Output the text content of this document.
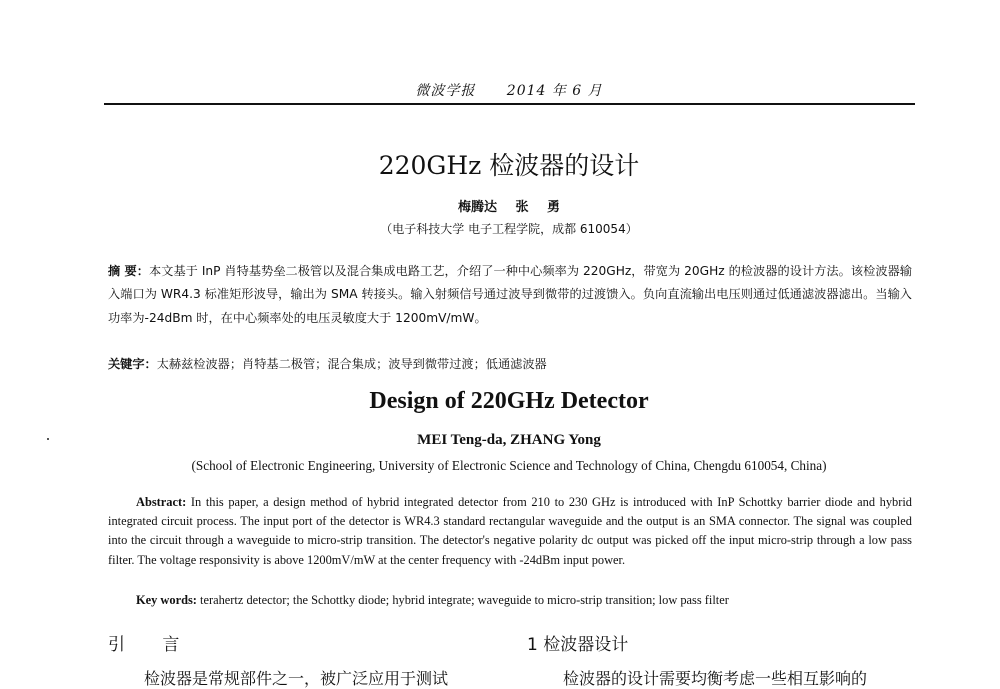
微波学报 2014 年 6 月
220GHz 检波器的设计
梅腾达 张 勇
（电子科技大学 电子工程学院，成都 610054）
摘 要：本文基于 InP 肖特基势垒二极管以及混合集成电路工艺，介绍了一种中心频率为 220GHz，带宽为 20GHz 的检波器的设计方法。该检波器输入端口为 WR4.3 标准矩形波导，输出为 SMA 转接头。输入射频信号通过波导到微带的过渡馈入。负向直流输出电压则通过低通滤波器滤出。当输入功率为-24dBm 时，在中心频率处的电压灵敏度大于 1200mV/mW。
关键字：太赫兹检波器；肖特基二极管；混合集成；波导到微带过渡；低通滤波器
Design of 220GHz Detector
MEI Teng-da, ZHANG Yong
(School of Electronic Engineering, University of Electronic Science and Technology of China, Chengdu 610054, China)
Abstract: In this paper, a design method of hybrid integrated detector from 210 to 230 GHz is introduced with InP Schottky barrier diode and hybrid integrated circuit process. The input port of the detector is WR4.3 standard rectangular waveguide and the output is an SMA connector. The signal was coupled into the circuit through a waveguide to micro-strip transition. The detector's negative polarity dc output was picked off the input micro-strip through a low pass filter. The voltage responsivity is above 1200mV/mW at the center frequency with -24dBm input power.
Key words: terahertz detector; the Schottky diode; hybrid integrate; waveguide to micro-strip transition; low pass filter
引 言	1 检波器设计
检波器是常规部件之一，被广泛应用于测试	检波器的设计需要均衡考虑一些相互影响的
